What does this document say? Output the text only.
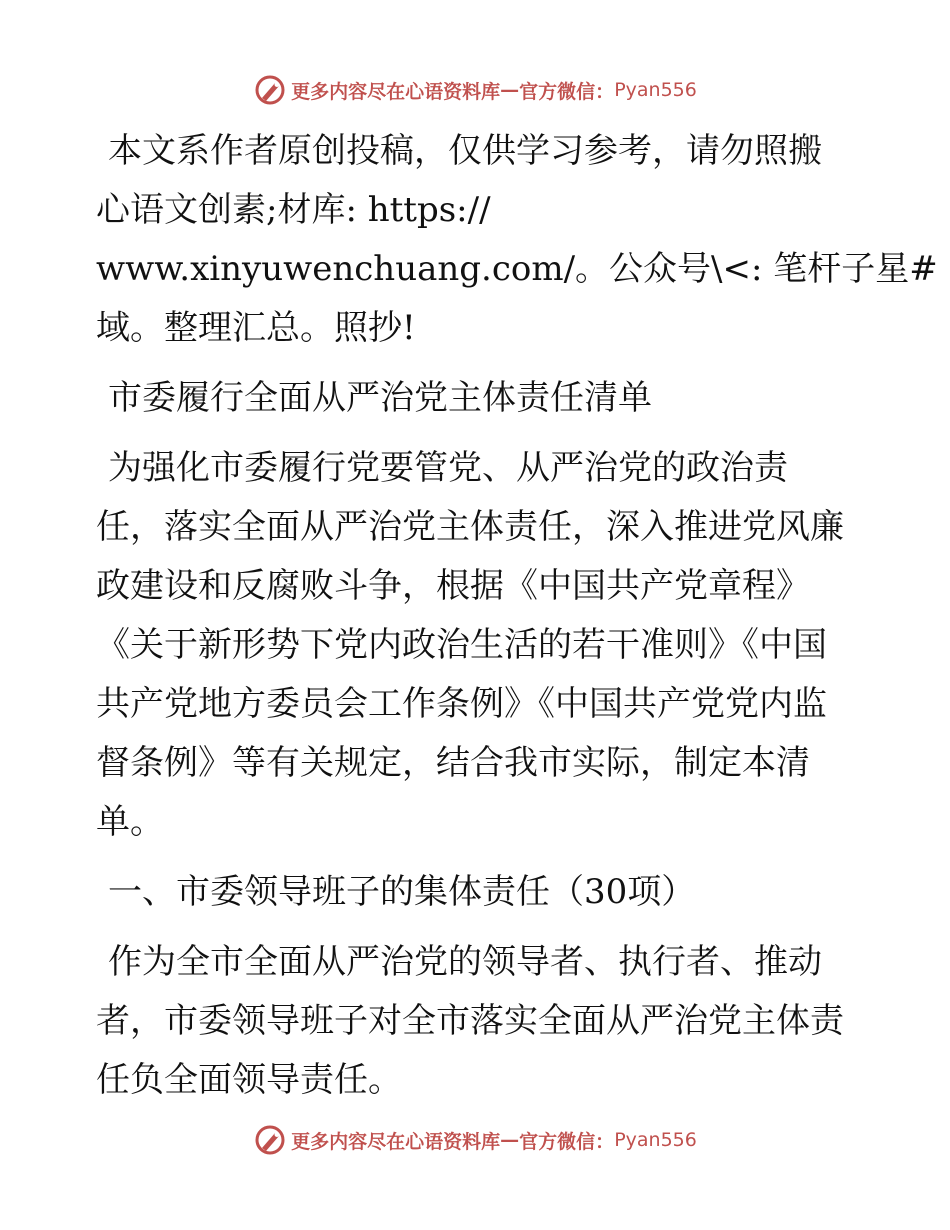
更多内容尽在心语资料库 — 官方微信： Pyan556
本文系作者原创投稿，仅供学习参考，请勿照搬
心语文创素;材库: https://
www.xinyuwenchuang.com/。公众号\<: 笔杆子星#
域。整理汇总。照抄!
市委履行全面从严治党主体责任清单
为强化市委履行党要管党、从严治党的政治责
任，落实全面从严治党主体责任，深入推进党风廉
政建设和反腐败斗争，根据《中国共产党章程》
《关于新形势下党内政治生活的若干准则》《中国
共产党地方委员会工作条例》《中国共产党党内监
督条例》等有关规定，结合我市实际，制定本清
单。
一、市委领导班子的集体责任（30项）
作为全市全面从严治党的领导者、执行者、推动
者，市委领导班子对全市落实全面从严治党主体责
任负全面领导责任。
更多内容尽在心语资料库 — 官方微信： Pyan556
